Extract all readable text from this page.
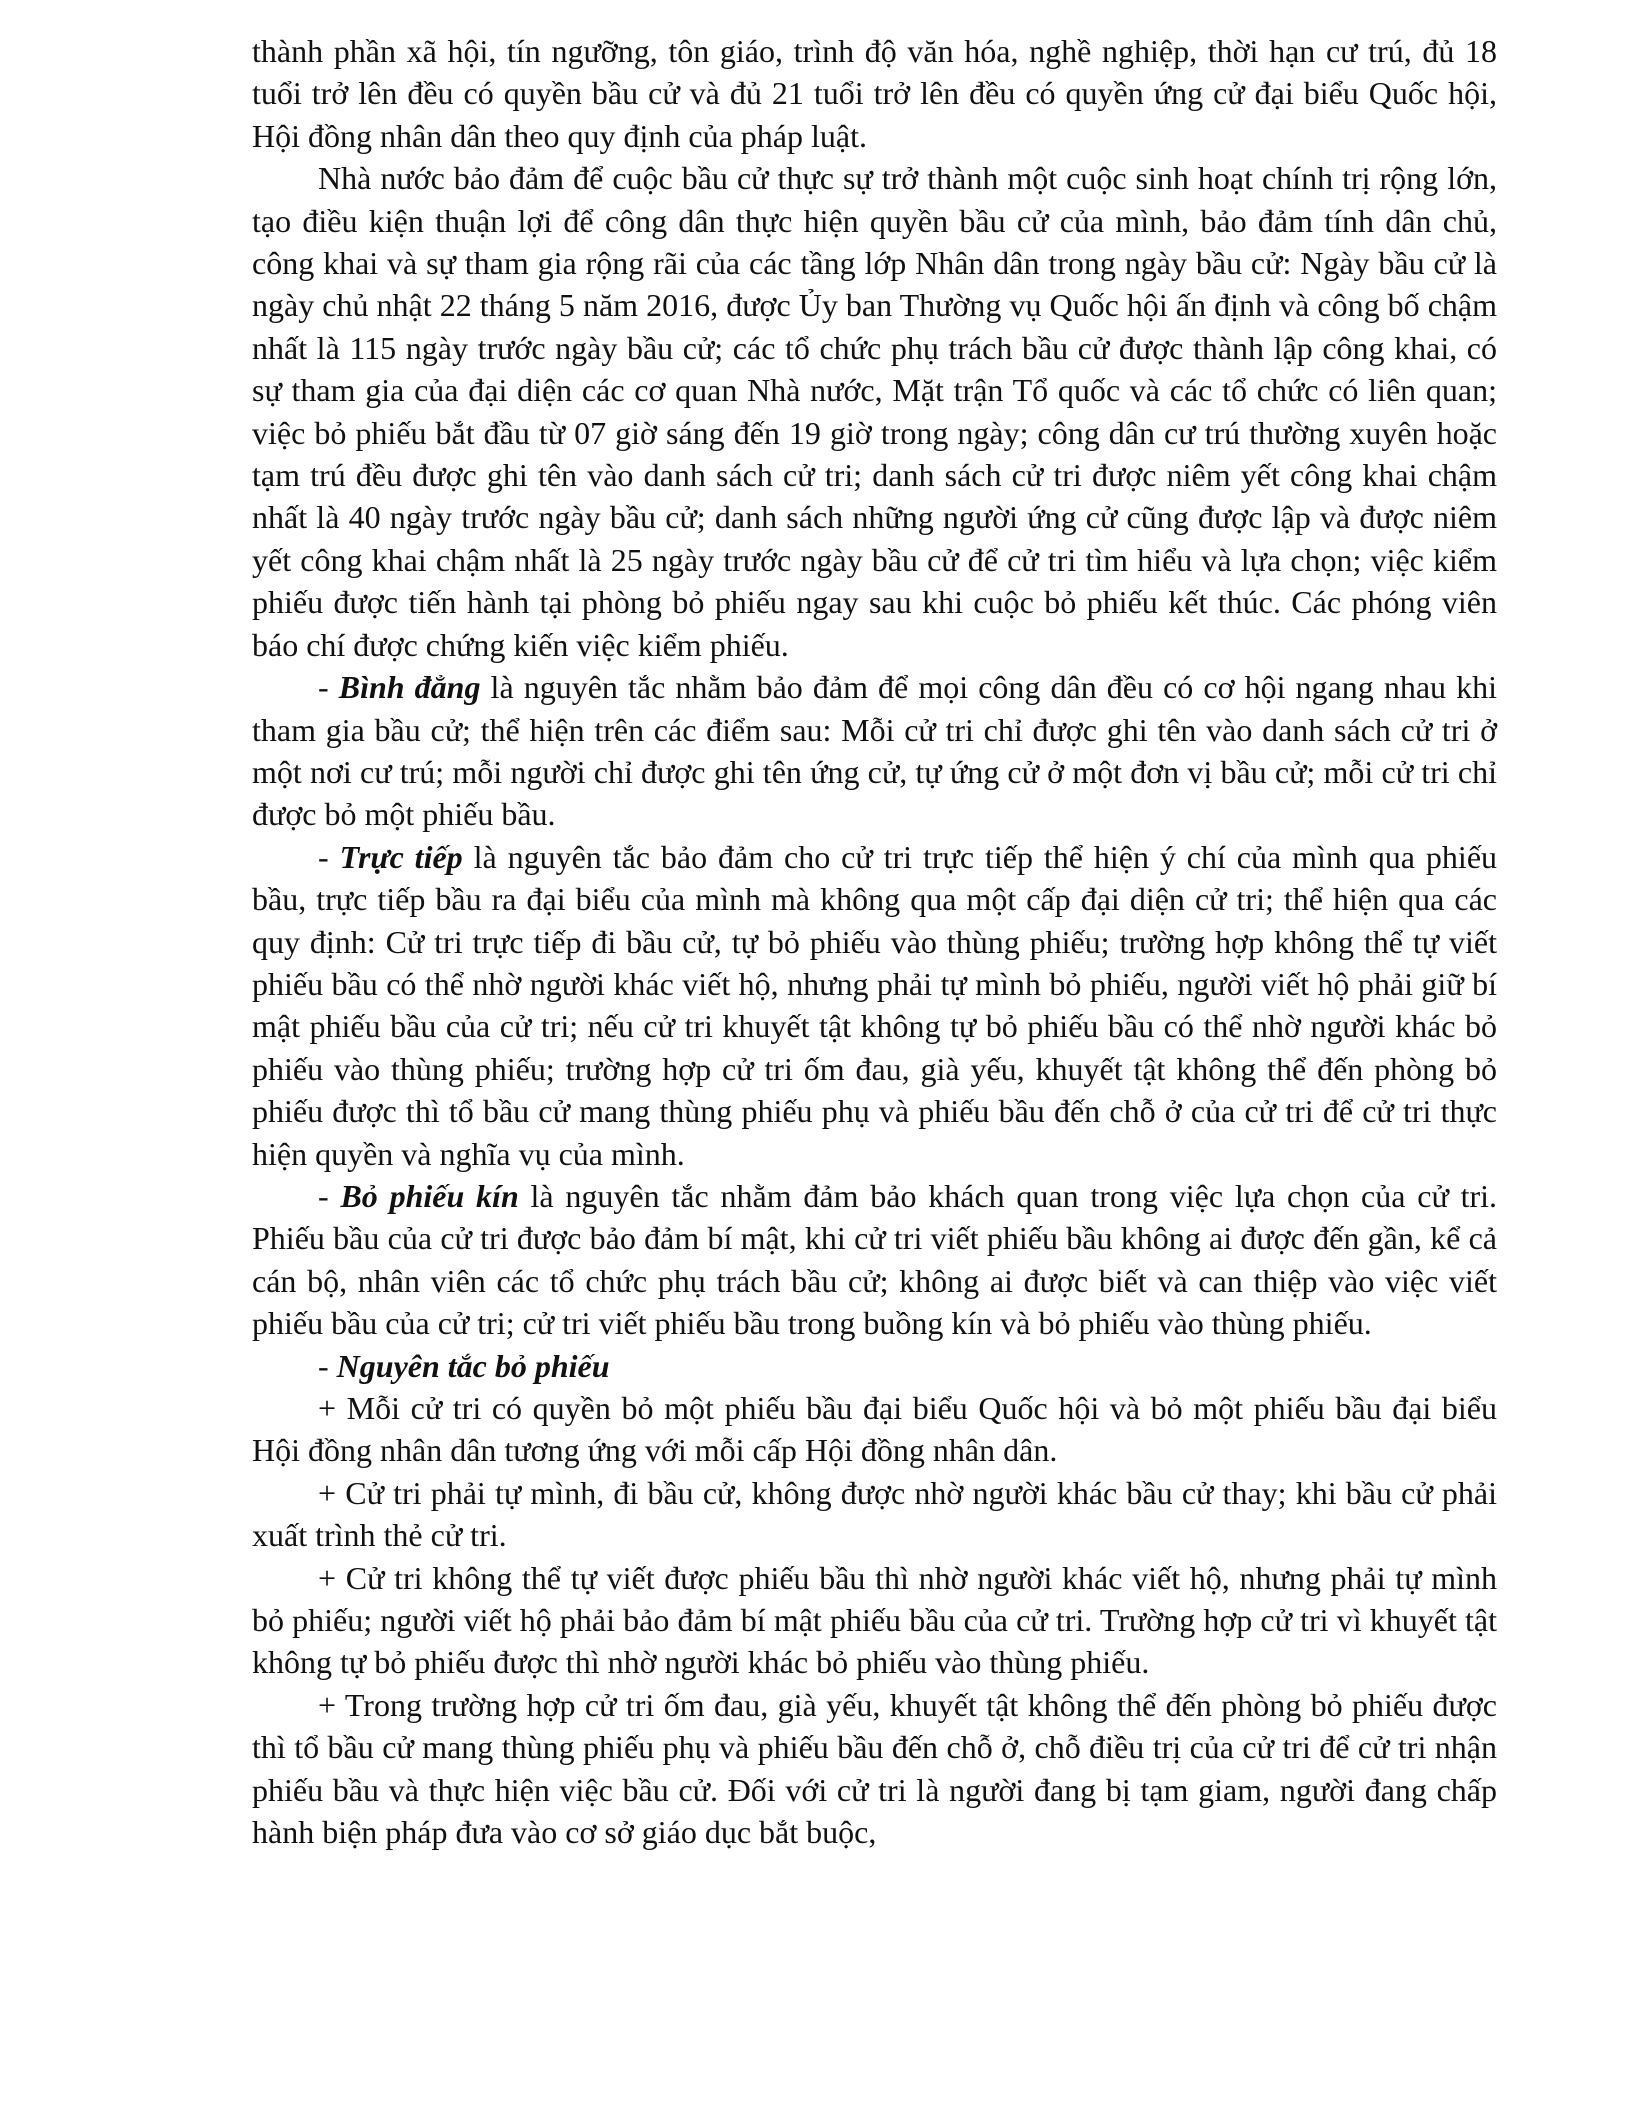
thành phần xã hội, tín ngưỡng, tôn giáo, trình độ văn hóa, nghề nghiệp, thời hạn cư trú, đủ 18 tuổi trở lên đều có quyền bầu cử và đủ 21 tuổi trở lên đều có quyền ứng cử đại biểu Quốc hội, Hội đồng nhân dân theo quy định của pháp luật.

Nhà nước bảo đảm để cuộc bầu cử thực sự trở thành một cuộc sinh hoạt chính trị rộng lớn, tạo điều kiện thuận lợi để công dân thực hiện quyền bầu cử của mình, bảo đảm tính dân chủ, công khai và sự tham gia rộng rãi của các tầng lớp Nhân dân trong ngày bầu cử: Ngày bầu cử là ngày chủ nhật 22 tháng 5 năm 2016, được Ủy ban Thường vụ Quốc hội ấn định và công bố chậm nhất là 115 ngày trước ngày bầu cử; các tổ chức phụ trách bầu cử được thành lập công khai, có sự tham gia của đại diện các cơ quan Nhà nước, Mặt trận Tổ quốc và các tổ chức có liên quan; việc bỏ phiếu bắt đầu từ 07 giờ sáng đến 19 giờ trong ngày; công dân cư trú thường xuyên hoặc tạm trú đều được ghi tên vào danh sách cử tri; danh sách cử tri được niêm yết công khai chậm nhất là 40 ngày trước ngày bầu cử; danh sách những người ứng cử cũng được lập và được niêm yết công khai chậm nhất là 25 ngày trước ngày bầu cử để cử tri tìm hiểu và lựa chọn; việc kiểm phiếu được tiến hành tại phòng bỏ phiếu ngay sau khi cuộc bỏ phiếu kết thúc. Các phóng viên báo chí được chứng kiến việc kiểm phiếu.

- Bình đẳng là nguyên tắc nhằm bảo đảm để mọi công dân đều có cơ hội ngang nhau khi tham gia bầu cử; thể hiện trên các điểm sau: Mỗi cử tri chỉ được ghi tên vào danh sách cử tri ở một nơi cư trú; mỗi người chỉ được ghi tên ứng cử, tự ứng cử ở một đơn vị bầu cử; mỗi cử tri chỉ được bỏ một phiếu bầu.

- Trực tiếp là nguyên tắc bảo đảm cho cử tri trực tiếp thể hiện ý chí của mình qua phiếu bầu, trực tiếp bầu ra đại biểu của mình mà không qua một cấp đại diện cử tri; thể hiện qua các quy định: Cử tri trực tiếp đi bầu cử, tự bỏ phiếu vào thùng phiếu; trường hợp không thể tự viết phiếu bầu có thể nhờ người khác viết hộ, nhưng phải tự mình bỏ phiếu, người viết hộ phải giữ bí mật phiếu bầu của cử tri; nếu cử tri khuyết tật không tự bỏ phiếu bầu có thể nhờ người khác bỏ phiếu vào thùng phiếu; trường hợp cử tri ốm đau, già yếu, khuyết tật không thể đến phòng bỏ phiếu được thì tổ bầu cử mang thùng phiếu phụ và phiếu bầu đến chỗ ở của cử tri để cử tri thực hiện quyền và nghĩa vụ của mình.

- Bỏ phiếu kín là nguyên tắc nhằm đảm bảo khách quan trong việc lựa chọn của cử tri. Phiếu bầu của cử tri được bảo đảm bí mật, khi cử tri viết phiếu bầu không ai được đến gần, kể cả cán bộ, nhân viên các tổ chức phụ trách bầu cử; không ai được biết và can thiệp vào việc viết phiếu bầu của cử tri; cử tri viết phiếu bầu trong buồng kín và bỏ phiếu vào thùng phiếu.

- Nguyên tắc bỏ phiếu

+ Mỗi cử tri có quyền bỏ một phiếu bầu đại biểu Quốc hội và bỏ một phiếu bầu đại biểu Hội đồng nhân dân tương ứng với mỗi cấp Hội đồng nhân dân.

+ Cử tri phải tự mình, đi bầu cử, không được nhờ người khác bầu cử thay; khi bầu cử phải xuất trình thẻ cử tri.

+ Cử tri không thể tự viết được phiếu bầu thì nhờ người khác viết hộ, nhưng phải tự mình bỏ phiếu; người viết hộ phải bảo đảm bí mật phiếu bầu của cử tri. Trường hợp cử tri vì khuyết tật không tự bỏ phiếu được thì nhờ người khác bỏ phiếu vào thùng phiếu.

+ Trong trường hợp cử tri ốm đau, già yếu, khuyết tật không thể đến phòng bỏ phiếu được thì tổ bầu cử mang thùng phiếu phụ và phiếu bầu đến chỗ ở, chỗ điều trị của cử tri để cử tri nhận phiếu bầu và thực hiện việc bầu cử. Đối với cử tri là người đang bị tạm giam, người đang chấp hành biện pháp đưa vào cơ sở giáo dục bắt buộc,
